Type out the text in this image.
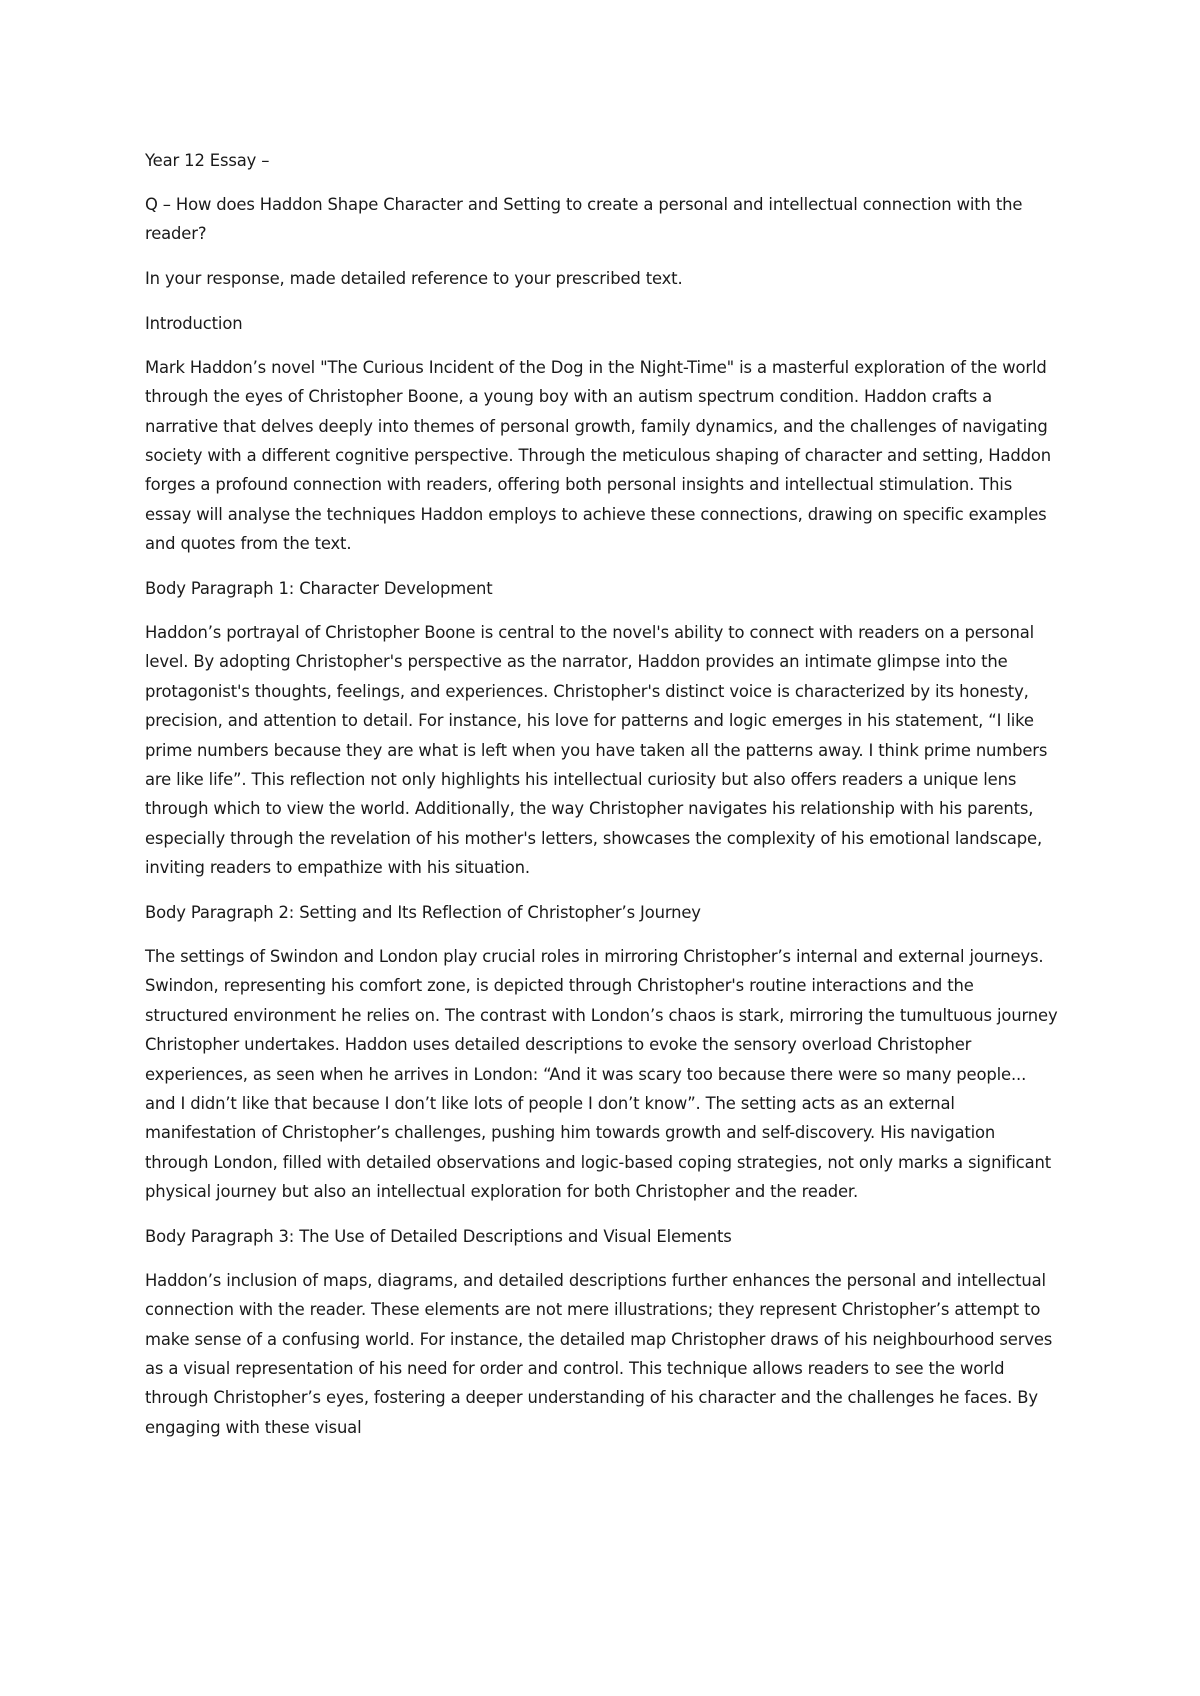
Year 12 Essay –

Q – How does Haddon Shape Character and Setting to create a personal and intellectual connection with the reader?

In your response, made detailed reference to your prescribed text.

Introduction

Mark Haddon’s novel "The Curious Incident of the Dog in the Night-Time" is a masterful exploration of the world through the eyes of Christopher Boone, a young boy with an autism spectrum condition. Haddon crafts a narrative that delves deeply into themes of personal growth, family dynamics, and the challenges of navigating society with a different cognitive perspective. Through the meticulous shaping of character and setting, Haddon forges a profound connection with readers, offering both personal insights and intellectual stimulation. This essay will analyse the techniques Haddon employs to achieve these connections, drawing on specific examples and quotes from the text.

Body Paragraph 1: Character Development

Haddon’s portrayal of Christopher Boone is central to the novel's ability to connect with readers on a personal level. By adopting Christopher's perspective as the narrator, Haddon provides an intimate glimpse into the protagonist's thoughts, feelings, and experiences. Christopher's distinct voice is characterized by its honesty, precision, and attention to detail. For instance, his love for patterns and logic emerges in his statement, “I like prime numbers because they are what is left when you have taken all the patterns away. I think prime numbers are like life”. This reflection not only highlights his intellectual curiosity but also offers readers a unique lens through which to view the world. Additionally, the way Christopher navigates his relationship with his parents, especially through the revelation of his mother's letters, showcases the complexity of his emotional landscape, inviting readers to empathize with his situation.

Body Paragraph 2: Setting and Its Reflection of Christopher’s Journey

The settings of Swindon and London play crucial roles in mirroring Christopher’s internal and external journeys. Swindon, representing his comfort zone, is depicted through Christopher's routine interactions and the structured environment he relies on. The contrast with London’s chaos is stark, mirroring the tumultuous journey Christopher undertakes. Haddon uses detailed descriptions to evoke the sensory overload Christopher experiences, as seen when he arrives in London: “And it was scary too because there were so many people... and I didn’t like that because I don’t like lots of people I don’t know”. The setting acts as an external manifestation of Christopher’s challenges, pushing him towards growth and self-discovery. His navigation through London, filled with detailed observations and logic-based coping strategies, not only marks a significant physical journey but also an intellectual exploration for both Christopher and the reader.

Body Paragraph 3: The Use of Detailed Descriptions and Visual Elements

Haddon’s inclusion of maps, diagrams, and detailed descriptions further enhances the personal and intellectual connection with the reader. These elements are not mere illustrations; they represent Christopher’s attempt to make sense of a confusing world. For instance, the detailed map Christopher draws of his neighbourhood serves as a visual representation of his need for order and control. This technique allows readers to see the world through Christopher’s eyes, fostering a deeper understanding of his character and the challenges he faces. By engaging with these visual
